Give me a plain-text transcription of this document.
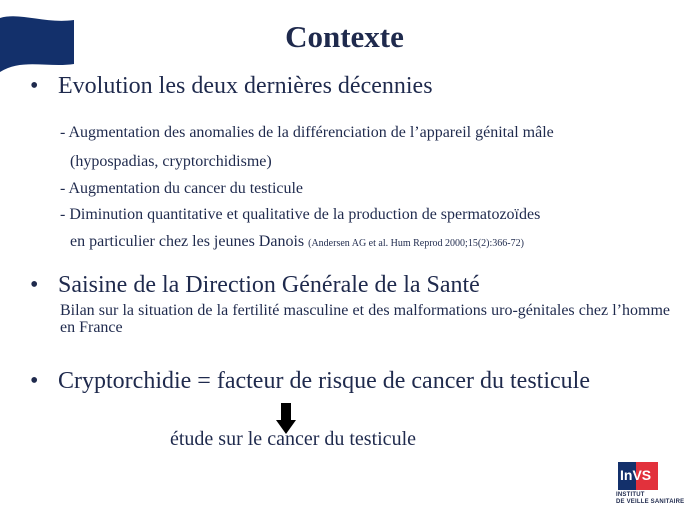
Contexte
• Evolution les deux dernières décennies
- Augmentation des anomalies de la différenciation de l’appareil génital mâle
(hypospadias, cryptorchidisme)
- Augmentation du cancer du testicule
- Diminution quantitative et qualitative de la production de spermatozoïdes
en particulier chez les jeunes Danois (Andersen AG et al. Hum Reprod 2000;15(2):366-72)
• Saisine de la Direction Générale de la Santé
Bilan sur la situation de la fertilité masculine et des malformations uro-génitales chez l’homme en France
• Cryptorchidie = facteur de risque de cancer du testicule
étude sur le cancer du testicule
InVS
INSTITUT
DE VEILLE SANITAIRE
